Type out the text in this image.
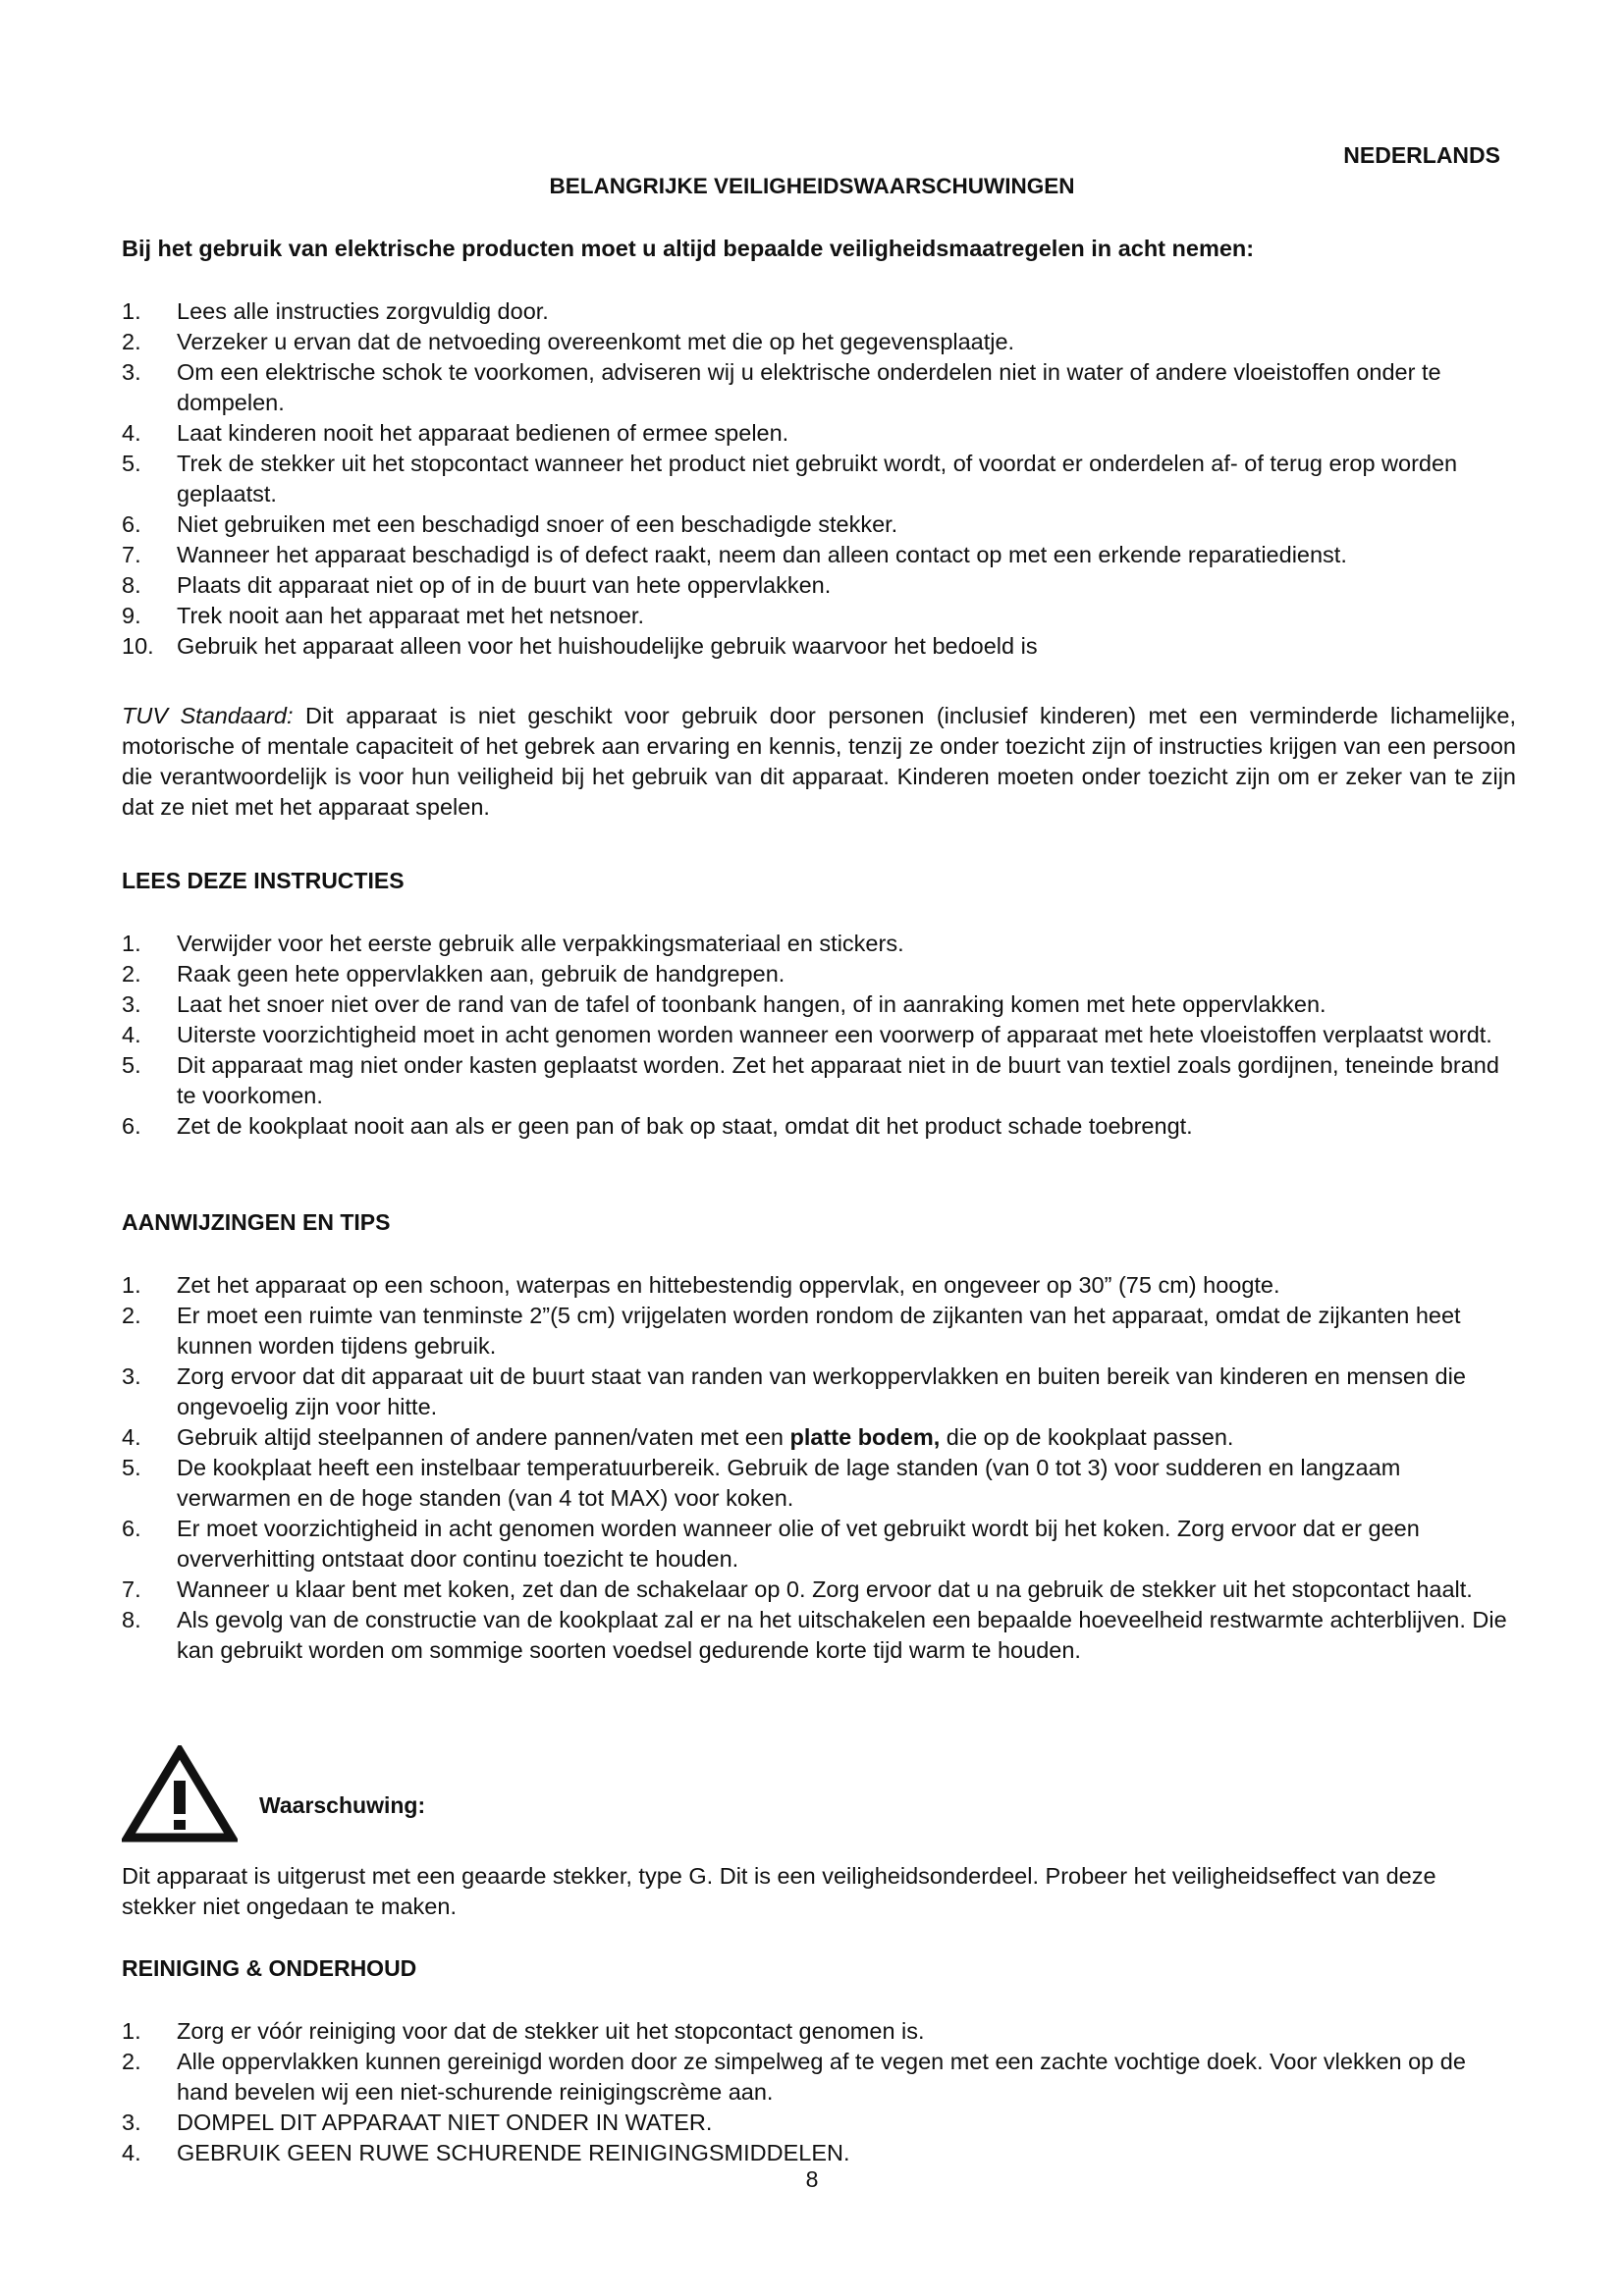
NEDERLANDS
BELANGRIJKE VEILIGHEIDSWAARSCHUWINGEN
Bij het gebruik van elektrische producten moet u altijd bepaalde veiligheidsmaatregelen in acht nemen:
1.	Lees alle instructies zorgvuldig door.
2.	Verzeker u ervan dat de netvoeding overeenkomt met die op het gegevensplaatje.
3.	Om een elektrische schok te voorkomen, adviseren wij u elektrische onderdelen niet in water of andere vloeistoffen onder te dompelen.
4.	Laat kinderen nooit het apparaat bedienen of ermee spelen.
5.	Trek de stekker uit het stopcontact wanneer het product niet gebruikt wordt, of voordat er onderdelen af- of terug erop worden geplaatst.
6.	Niet gebruiken met een beschadigd snoer of een beschadigde stekker.
7.	Wanneer het apparaat beschadigd is of defect raakt, neem dan alleen contact op met een erkende reparatiedienst.
8.	Plaats dit apparaat niet op of in de buurt van hete oppervlakken.
9.	Trek nooit aan het apparaat met het netsnoer.
10. Gebruik het apparaat alleen voor het huishoudelijke gebruik waarvoor het bedoeld is
TUV Standaard: Dit apparaat is niet geschikt voor gebruik door personen (inclusief kinderen) met een verminderde lichamelijke, motorische of mentale capaciteit of het gebrek aan ervaring en kennis, tenzij ze onder toezicht zijn of instructies krijgen van een persoon die verantwoordelijk is voor hun veiligheid bij het gebruik van dit apparaat. Kinderen moeten onder toezicht zijn om er zeker van te zijn dat ze niet met het apparaat spelen.
LEES DEZE INSTRUCTIES
1.	Verwijder voor het eerste gebruik alle verpakkingsmateriaal en stickers.
2.	Raak geen hete oppervlakken aan, gebruik de handgrepen.
3.	Laat het snoer niet over de rand van de tafel of toonbank hangen, of in aanraking komen met hete oppervlakken.
4.	Uiterste voorzichtigheid moet in acht genomen worden wanneer een voorwerp of apparaat met hete vloeistoffen verplaatst wordt.
5.	Dit apparaat mag niet onder kasten geplaatst worden. Zet het apparaat niet in de buurt van textiel zoals gordijnen, teneinde brand te voorkomen.
6.	Zet de kookplaat nooit aan als er geen pan of bak op staat, omdat dit het product schade toebrengt.
AANWIJZINGEN EN TIPS
1.	Zet het apparaat op een schoon, waterpas en hittebestendig oppervlak, en ongeveer op 30” (75 cm) hoogte.
2.	Er moet een ruimte van tenminste 2”(5 cm) vrijgelaten worden rondom de zijkanten van het apparaat, omdat de zijkanten heet kunnen worden tijdens gebruik.
3.	Zorg ervoor dat dit apparaat uit de buurt staat van randen van werkoppervlakken en buiten bereik van kinderen en mensen die ongevoelig zijn voor hitte.
4.	Gebruik altijd steelpannen of andere pannen/vaten met een platte bodem, die op de kookplaat passen.
5.	De kookplaat heeft een instelbaar temperatuurbereik. Gebruik de lage standen (van 0 tot 3) voor sudderen en langzaam verwarmen en de hoge standen (van 4 tot MAX) voor koken.
6.	Er moet voorzichtigheid in acht genomen worden wanneer olie of vet gebruikt wordt bij het koken. Zorg ervoor dat er geen oververhitting ontstaat door continu toezicht te houden.
7.	Wanneer u klaar bent met koken, zet dan de schakelaar op 0. Zorg ervoor dat u na gebruik de stekker uit het stopcontact haalt.
8.	Als gevolg van de constructie van de kookplaat zal er na het uitschakelen een bepaalde hoeveelheid restwarmte achterblijven. Die kan gebruikt worden om sommige soorten voedsel gedurende korte tijd warm te houden.
Waarschuwing:
Dit apparaat is uitgerust met een geaarde stekker, type G. Dit is een veiligheidsonderdeel. Probeer het veiligheidseffect van deze stekker niet ongedaan te maken.
REINIGING & ONDERHOUD
1.	Zorg er vóór reiniging voor dat de stekker uit het stopcontact genomen is.
2.	Alle oppervlakken kunnen gereinigd worden door ze simpelweg af te vegen met een zachte vochtige doek. Voor vlekken op de hand bevelen wij een niet-schurende reinigingscrème aan.
3.	DOMPEL DIT APPARAAT NIET ONDER IN WATER.
4.	GEBRUIK GEEN RUWE SCHURENDE REINIGINGSMIDDELEN.
8
